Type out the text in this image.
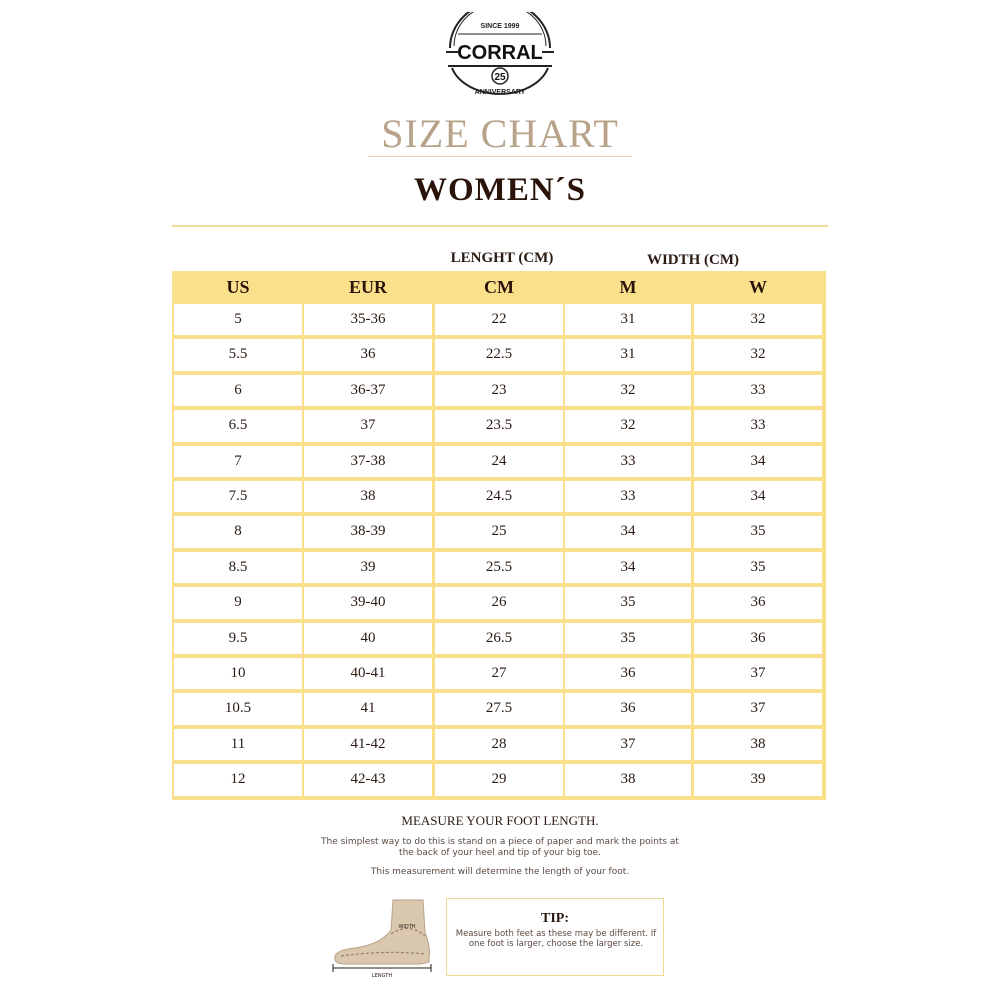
SINCE 1999
CORRAL
25
ANNIVERSARY
SIZE CHART
WOMEN´S
LENGHT (CM)	WIDTH (CM)
US	EUR	CM	M	W
5	35-36	22	31	32
5.5	36	22.5	31	32
6	36-37	23	32	33
6.5	37	23.5	32	33
7	37-38	24	33	34
7.5	38	24.5	33	34
8	38-39	25	34	35
8.5	39	25.5	34	35
9	39-40	26	35	36
9.5	40	26.5	35	36
10	40-41	27	36	37
10.5	41	27.5	36	37
11	41-42	28	37	38
12	42-43	29	38	39
MEASURE YOUR FOOT LENGTH.
The simplest way to do this is stand on a piece of paper and mark the points at the back of your heel and tip of your big toe.
This measurement will determine the length of your foot.
WIDTH
LENGTH
TIP:
Measure both feet as these may be different. If one foot is larger, choose the larger size.
